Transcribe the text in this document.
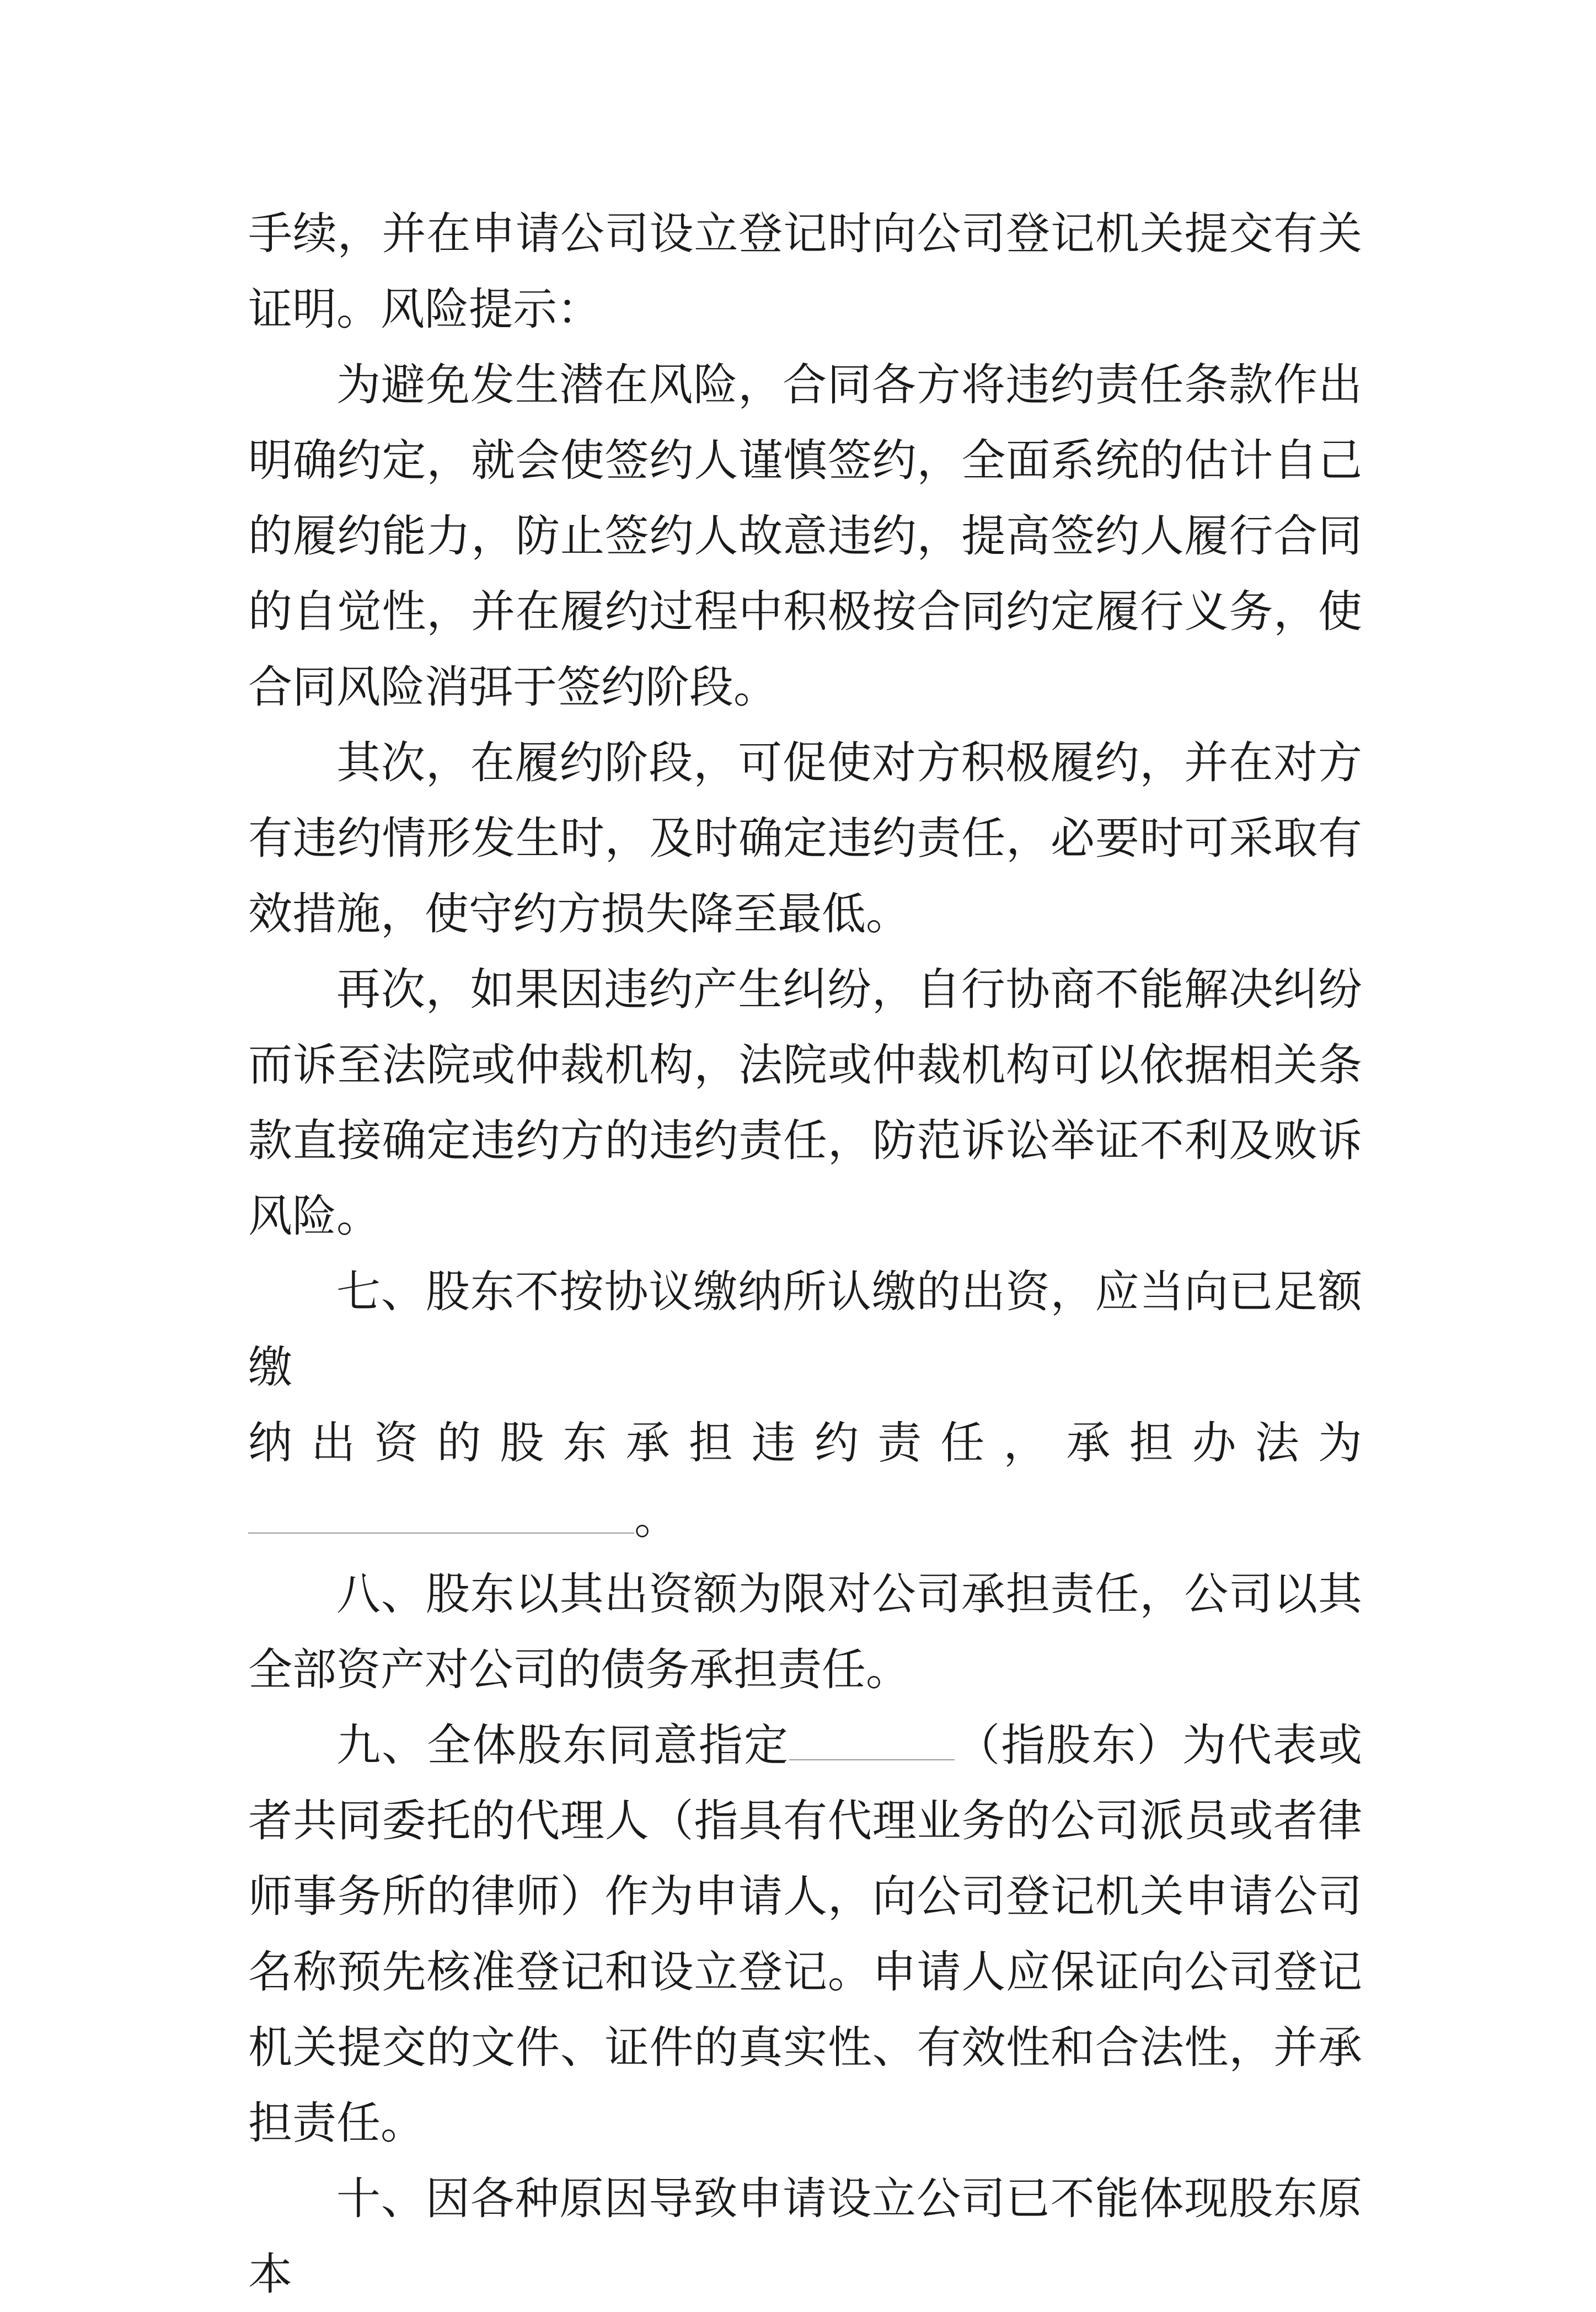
手续，并在申请公司设立登记时向公司登记机关提交有关证明。风险提示：

为避免发生潜在风险，合同各方将违约责任条款作出明确约定，就会使签约人谨慎签约，全面系统的估计自己的履约能力，防止签约人故意违约，提高签约人履行合同的自觉性，并在履约过程中积极按合同约定履行义务，使合同风险消弭于签约阶段。

其次，在履约阶段，可促使对方积极履约，并在对方有违约情形发生时，及时确定违约责任，必要时可采取有效措施，使守约方损失降至最低。

再次，如果因违约产生纠纷，自行协商不能解决纠纷而诉至法院或仲裁机构，法院或仲裁机构可以依据相关条款直接确定违约方的违约责任，防范诉讼举证不利及败诉风险。

七、股东不按协议缴纳所认缴的出资，应当向已足额缴

纳 出 资 的 股 东 承 担 违 约 责 任 ， 承 担 办 法 为

。

八、股东以其出资额为限对公司承担责任，公司以其全部资产对公司的债务承担责任。

九、全体股东同意指定	（指股东）为代表或者共同委托的代理人（指具有代理业务的公司派员或者律师事务所的律师）作为申请人，向公司登记机关申请公司名称预先核准登记和设立登记。申请人应保证向公司登记机关提交的文件、证件的真实性、有效性和合法性，并承担责任。

十、因各种原因导致申请设立公司已不能体现股东原本
